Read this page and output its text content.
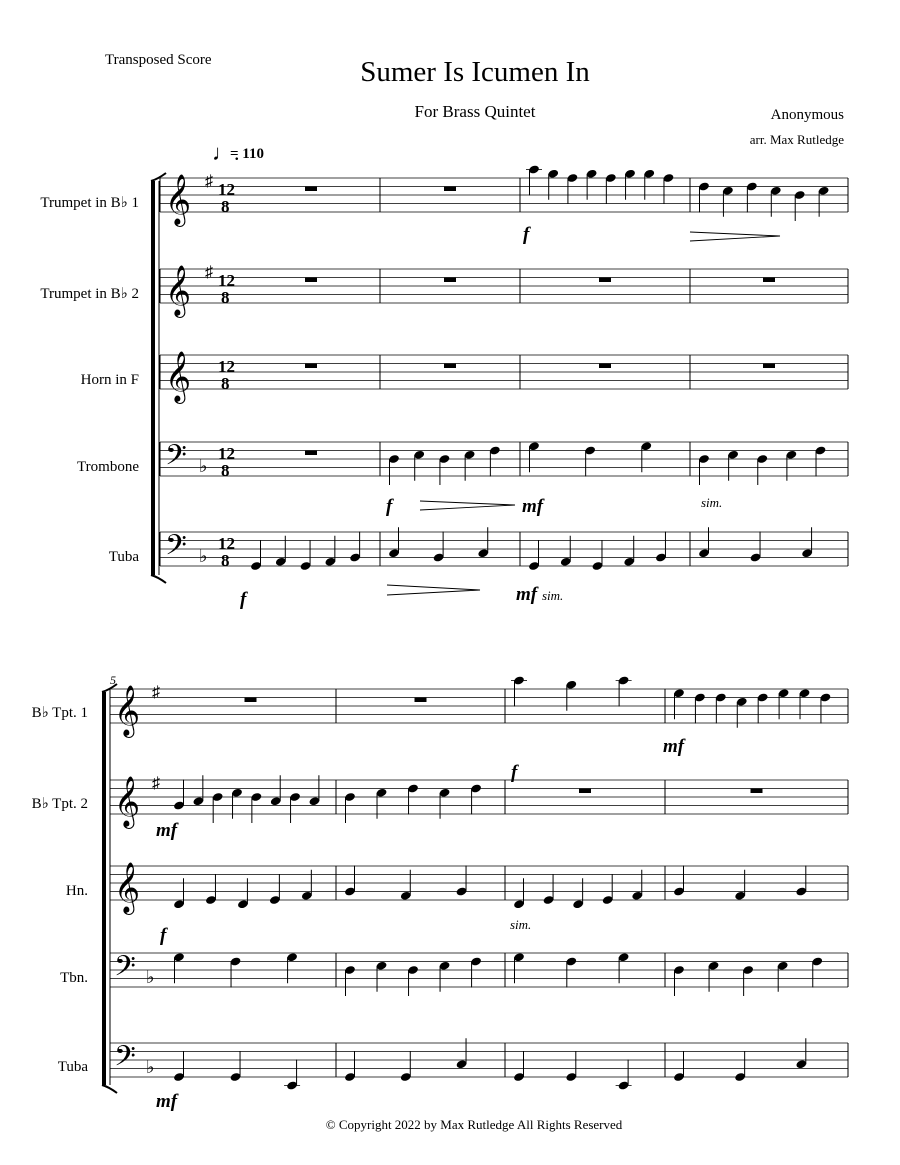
Transposed Score	Sumer Is Icumen In
For Brass Quintet	Anonymous
arr. Max Rutledge
♩.
= 110
Trumpet in B♭ 1
Trumpet in B♭ 2
Horn in F
Trombone
Tuba
𝄞 ♯ 12
8
𝄞 ♯ 12
8
𝄞 12
8
𝄢 ♭
12
8
𝄢 ♭
12
8
f
f	mf	sim.
f	mf sim.
5
B♭ Tpt. 1
B♭ Tpt. 2
Hn.
Tbn.
Tuba
𝄞 ♯
𝄞 ♯
𝄞
𝄢 ♭
𝄢 ♭
f
mf
mf
f
sim.
mf
© Copyright 2022 by Max Rutledge All Rights Reserved
